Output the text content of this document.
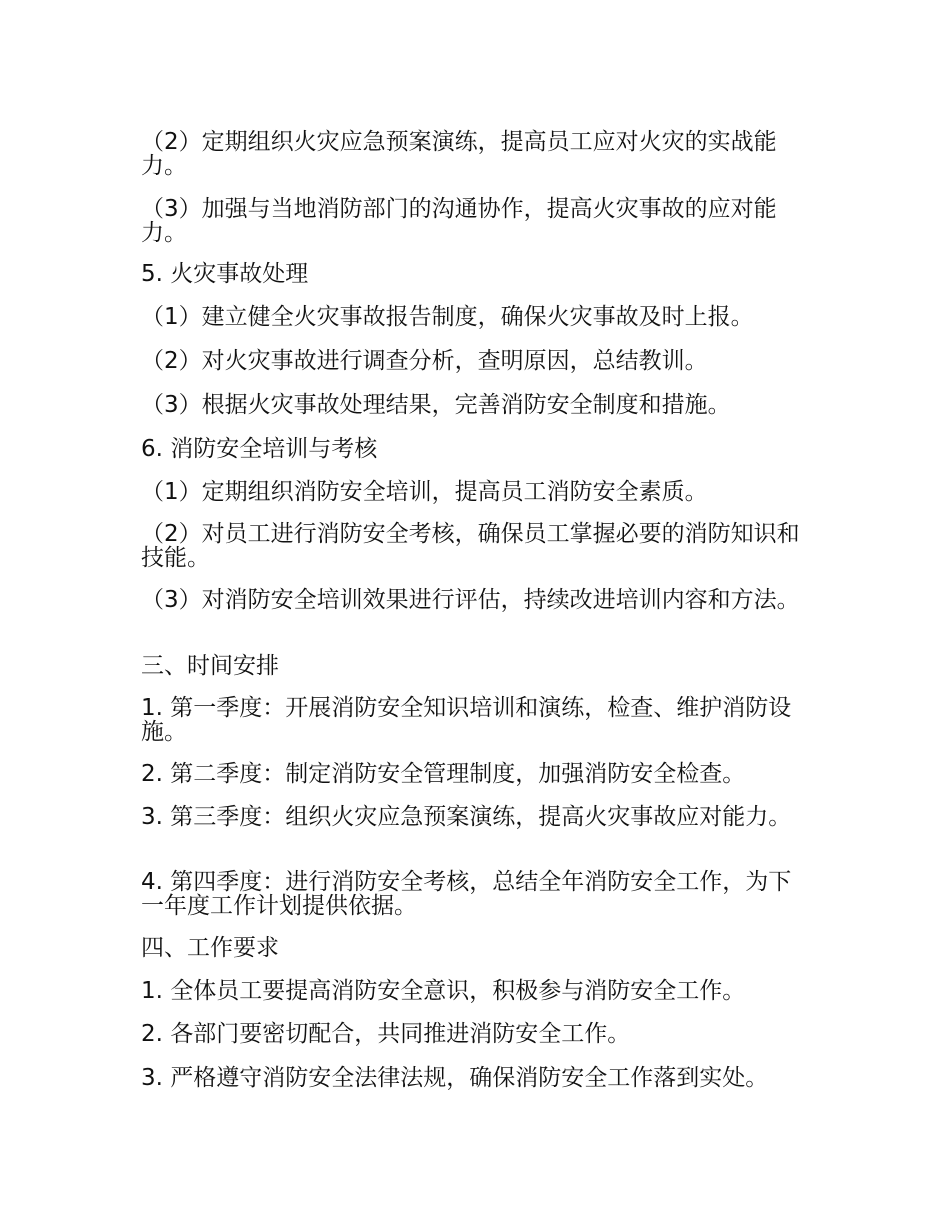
（2）定期组织火灾应急预案演练，提高员工应对火灾的实战能力。
（3）加强与当地消防部门的沟通协作，提高火灾事故的应对能力。
5. 火灾事故处理
（1）建立健全火灾事故报告制度，确保火灾事故及时上报。
（2）对火灾事故进行调查分析，查明原因，总结教训。
（3）根据火灾事故处理结果，完善消防安全制度和措施。
6. 消防安全培训与考核
（1）定期组织消防安全培训，提高员工消防安全素质。
（2）对员工进行消防安全考核，确保员工掌握必要的消防知识和技能。
（3）对消防安全培训效果进行评估，持续改进培训内容和方法。
三、时间安排
1. 第一季度：开展消防安全知识培训和演练，检查、维护消防设施。
2. 第二季度：制定消防安全管理制度，加强消防安全检查。
3. 第三季度：组织火灾应急预案演练，提高火灾事故应对能力。
4. 第四季度：进行消防安全考核，总结全年消防安全工作，为下一年度工作计划提供依据。
四、工作要求
1. 全体员工要提高消防安全意识，积极参与消防安全工作。
2. 各部门要密切配合，共同推进消防安全工作。
3. 严格遵守消防安全法律法规，确保消防安全工作落到实处。
